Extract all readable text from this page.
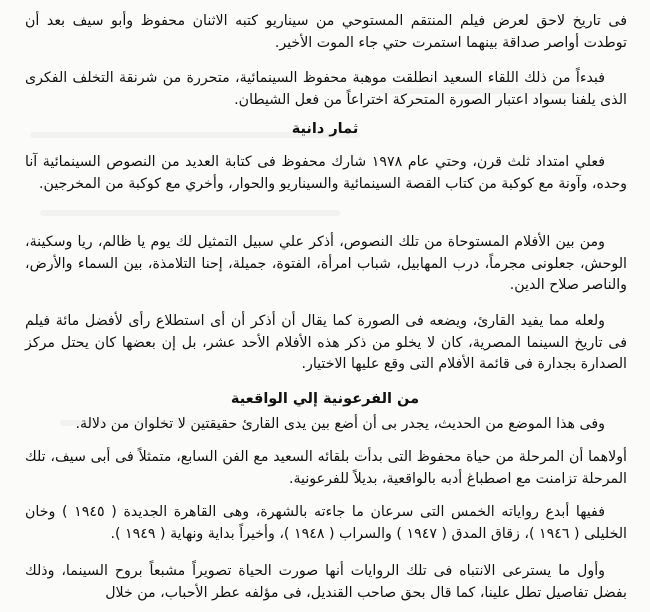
فى تاريخ لاحق لعرض فيلم المنتقم المستوحي من سيناريو كتبه الاثنان محفوظ وأبو سيف بعد أن توطدت أواصر صداقة بينهما استمرت حتي جاء الموت الأخير.

فبدءاً من ذلك اللقاء السعيد انطلقت موهبة محفوظ السينمائية، متحررة من شرنقة التخلف الفكرى الذى يلفنا بسواد اعتبار الصورة المتحركة اختراعاً من فعل الشيطان.

ثمار دانية

فعلي امتداد ثلث قرن، وحتي عام ١٩٧٨ شارك محفوظ فى كتابة العديد من النصوص السينمائية آنا وحده، وآونة مع كوكبة من كتاب القصة السينمائية والسيناريو والحوار، وأخري مع كوكبة من المخرجين.

ومن بين الأفلام المستوحاة من تلك النصوص، أذكر علي سبيل التمثيل لك يوم يا ظالم، ريا وسكينة، الوحش، جعلونى مجرماً، درب المهابيل، شباب امرأة، الفتوة، جميلة، إحنا التلامذة، بين السماء والأرض، والناصر صلاح الدين.

ولعله مما يفيد القارئ، ويضعه فى الصورة كما يقال أن أذكر أن أى استطلاع رأى لأفضل مائة فيلم فى تاريخ السينما المصرية، كان لا يخلو من ذكر هذه الأفلام الأحد عشر، بل إن بعضها كان يحتل مركز الصدارة بجدارة فى قائمة الأفلام التى وقع عليها الاختيار.

من الفرعونية إلي الواقعية

وفى هذا الموضع من الحديث، يجدر بى أن أضع بين يدى القارئ حقيقتين لا تخلوان من دلالة.

أولاهما أن المرحلة من حياة محفوظ التى بدأت بلقائه السعيد مع الفن السابع، متمثلاً فى أبى سيف، تلك المرحلة تزامنت مع اصطباغ أدبه بالواقعية، بديلاً للفرعونية.

ففيها أبدع رواياته الخمس التى سرعان ما جاءته بالشهرة، وهى القاهرة الجديدة ( ١٩٤٥ ) وخان الخليلى ( ١٩٤٦ )، زقاق المدق ( ١٩٤٧ ) والسراب ( ١٩٤٨ )، وأخيراً بداية ونهاية ( ١٩٤٩ ).

وأول ما يسترعى الانتباه فى تلك الروايات أنها صورت الحياة تصويراً مشبعاً بروح السينما، وذلك بفضل تفاصيل تطل علينا، كما قال بحق صاحب القنديل، فى مؤلفه عطر الأحباب، من خلال
